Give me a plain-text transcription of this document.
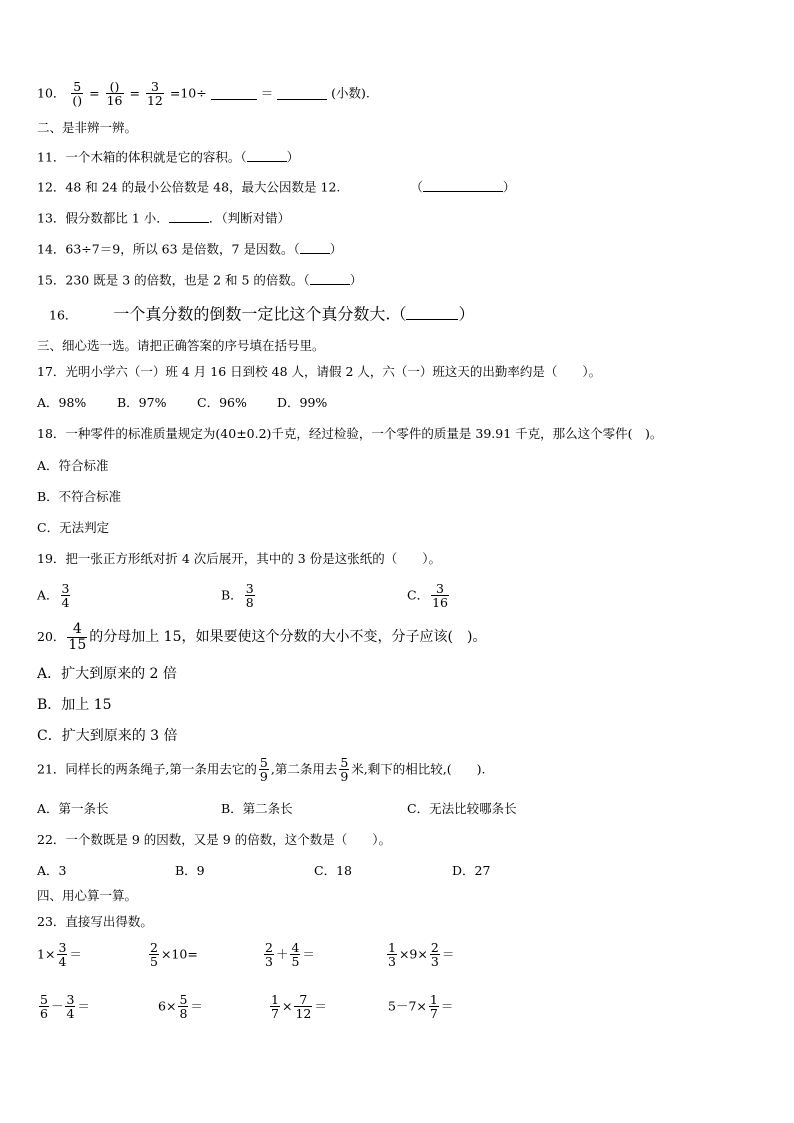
10． $\frac{5}{()} = \frac{()}{16} = \frac{3}{12} =10\div$	＝	(小数).
二、是非辨一辨。
11．一个木箱的体积就是它的容积。（	）
12．48 和 24 的最小公倍数是 48，最大公因数是 12.	（	）
13．假分数都比 1 小．	．（判断对错）
14．63÷7＝9，所以 63 是倍数，7 是因数。（ ）
15．230 既是 3 的倍数，也是 2 和 5 的倍数。（	）
16． 一个真分数的倒数一定比这个真分数大.（	）
三、细心选一选。请把正确答案的序号填在括号里。
17．光明小学六（一）班 4 月 16 日到校 48 人，请假 2 人，六（一）班这天的出勤率约是（　　）。
A．98% B．97% C．96% D．99%
18．一种零件的标准质量规定为(40±0.2)千克，经过检验，一个零件的质量是 39.91 千克，那么这个零件(　)。
A．符合标准
B．不符合标准
C．无法判定
19．把一张正方形纸对折 4 次后展开，其中的 3 份是这张纸的（　　）。
A． $\frac{3}{4}$	B． $\frac{3}{8}$	C． $\frac{3}{16}$
20． $\frac{4}{15}$ 的分母加上 15，如果要使这个分数的大小不变，分子应该(　)。
A．扩大到原来的 2 倍
B．加上 15
C．扩大到原来的 3 倍
21．同样长的两条绳子,第一条用去它的 $\frac{5}{9}$ ,第二条用去 $\frac{5}{9}$ 米,剩下的相比较,(　　).
A．第一条长	B．第二条长	C．无法比较哪条长
22．一个数既是 9 的因数，又是 9 的倍数，这个数是（　　）。
A．3	B．9	C．18	D．27
四、用心算一算。
23．直接写出得数。
$1\times \frac{3}{4}$ ＝	$\frac{2}{5} \times 10=$	$\frac{2}{3} + \frac{4}{5}$ ＝	$\frac{1}{3} \times 9\times \frac{2}{3}$ ＝
$\frac{5}{6} - \frac{3}{4}$ ＝	$6\times \frac{5}{8}$ ＝	$\frac{1}{7} \times \frac{7}{12}$ ＝	$5-7\times \frac{1}{7}$ ＝
